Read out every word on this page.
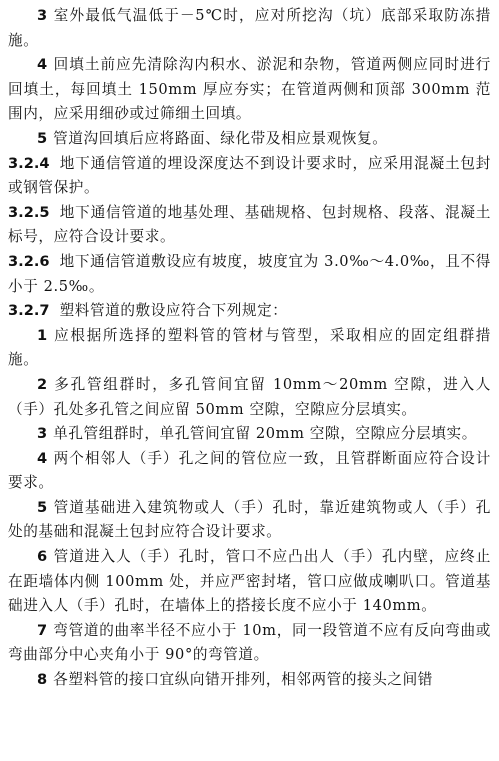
3 室外最低气温低于－5℃时，应对所挖沟（坑）底部采取防冻措施。

4 回填土前应先清除沟内积水、淤泥和杂物，管道两侧应同时进行回填土，每回填土 150mm 厚应夯实；在管道两侧和顶部 300mm 范围内，应采用细砂或过筛细土回填。

5 管道沟回填后应将路面、绿化带及相应景观恢复。

3.2.4 地下通信管道的埋设深度达不到设计要求时，应采用混凝土包封或钢管保护。

3.2.5 地下通信管道的地基处理、基础规格、包封规格、段落、混凝土标号，应符合设计要求。

3.2.6 地下通信管道敷设应有坡度，坡度宜为 3.0‰～4.0‰，且不得小于 2.5‰。

3.2.7 塑料管道的敷设应符合下列规定：

1 应根据所选择的塑料管的管材与管型，采取相应的固定组群措施。

2 多孔管组群时，多孔管间宜留 10mm～20mm 空隙，进入人（手）孔处多孔管之间应留 50mm 空隙，空隙应分层填实。

3 单孔管组群时，单孔管间宜留 20mm 空隙，空隙应分层填实。

4 两个相邻人（手）孔之间的管位应一致，且管群断面应符合设计要求。

5 管道基础进入建筑物或人（手）孔时，靠近建筑物或人（手）孔处的基础和混凝土包封应符合设计要求。

6 管道进入人（手）孔时，管口不应凸出人（手）孔内壁，应终止在距墙体内侧 100mm 处，并应严密封堵，管口应做成喇叭口。管道基础进入人（手）孔时，在墙体上的搭接长度不应小于 140mm。

7 弯管道的曲率半径不应小于 10m，同一段管道不应有反向弯曲或弯曲部分中心夹角小于 90°的弯管道。

8 各塑料管的接口宜纵向错开排列，相邻两管的接头之间错
